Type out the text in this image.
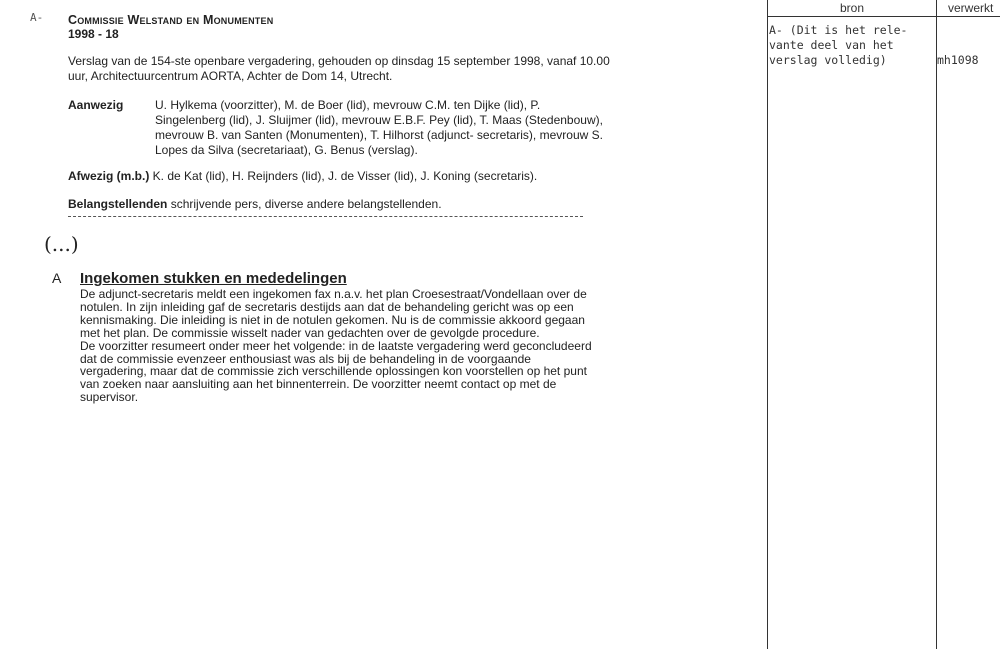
bron	verwerkt
A- (Dit is het rele-
vante deel van het
verslag volledig)	mh1098
A- Commissie Welstand en Monumenten
1998 - 18
Verslag van de 154-ste openbare vergadering, gehouden op dinsdag 15 september 1998, vanaf 10.00
uur, Architectuurcentrum AORTA, Achter de Dom 14, Utrecht.
Aanwezig	U. Hylkema (voorzitter), M. de Boer (lid), mevrouw C.M. ten Dijke (lid), P.
Singelenberg (lid), J. Sluijmer (lid), mevrouw E.B.F. Pey (lid), T. Maas (Stedenbouw),
mevrouw B. van Santen (Monumenten), T. Hilhorst (adjunct- secretaris), mevrouw S.
Lopes da Silva (secretariaat), G. Benus (verslag).
Afwezig (m.b.) K. de Kat (lid), H. Reijnders (lid), J. de Visser (lid), J. Koning (secretaris).
Belangstellenden schrijvende pers, diverse andere belangstellenden.
(...)
A Ingekomen stukken en mededelingen
De adjunct-secretaris meldt een ingekomen fax n.a.v. het plan Croesestraat/Vondellaan over de
notulen. In zijn inleiding gaf de secretaris destijds aan dat de behandeling gericht was op een
kennismaking. Die inleiding is niet in de notulen gekomen. Nu is de commissie akkoord gegaan
met het plan. De commissie wisselt nader van gedachten over de gevolgde procedure.
De voorzitter resumeert onder meer het volgende: in de laatste vergadering werd geconcludeerd
dat de commissie evenzeer enthousiast was als bij de behandeling in de voorgaande
vergadering, maar dat de commissie zich verschillende oplossingen kon voorstellen op het punt
van zoeken naar aansluiting aan het binnenterrein. De voorzitter neemt contact op met de
supervisor.
